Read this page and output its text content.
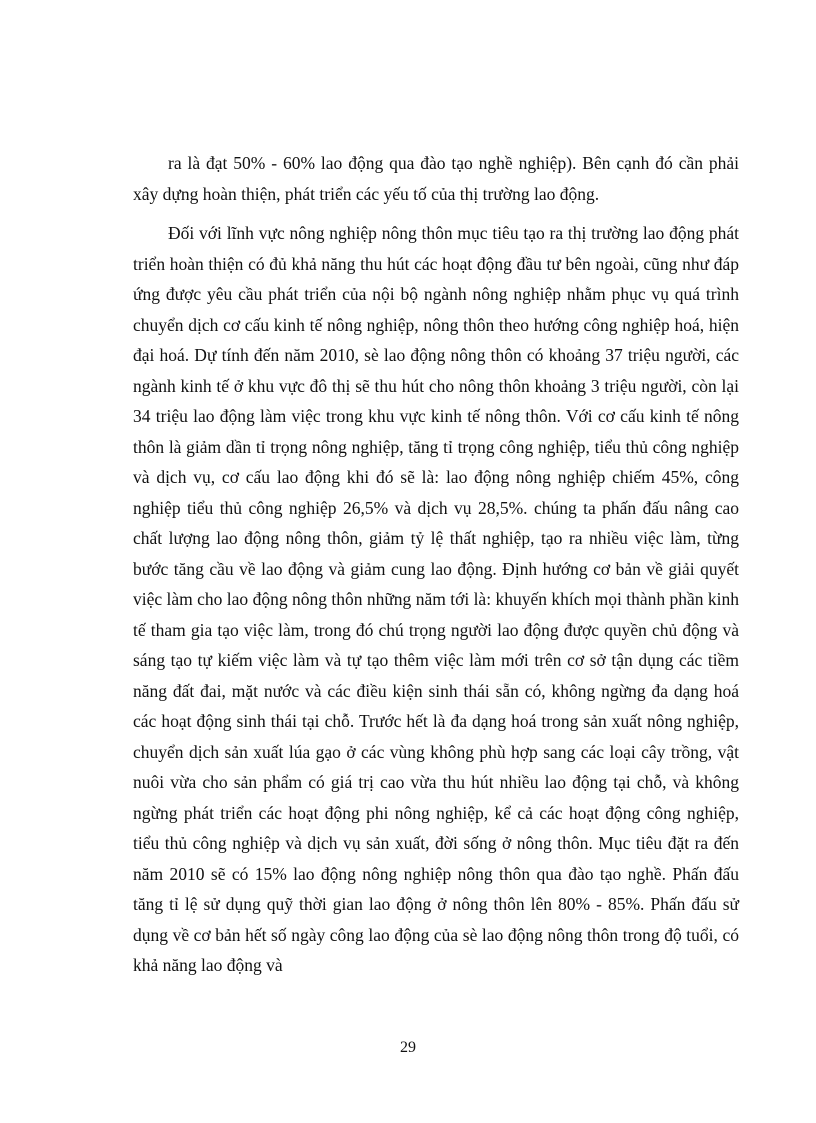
ra là đạt 50% - 60% lao động qua đào tạo nghề nghiệp). Bên cạnh đó cần phải xây dựng hoàn thiện, phát triển các yếu tố của thị trường lao động.

Đối với lĩnh vực nông nghiệp nông thôn mục tiêu tạo ra thị trường lao động phát triển hoàn thiện có đủ khả năng thu hút các hoạt động đầu tư bên ngoài, cũng như đáp ứng được yêu cầu phát triển của nội bộ ngành nông nghiệp nhằm phục vụ quá trình chuyển dịch cơ cấu kinh tế nông nghiệp, nông thôn theo hướng công nghiệp hoá, hiện đại hoá. Dự tính đến năm 2010, sè lao động nông thôn có khoảng 37 triệu người, các ngành kinh tế ở khu vực đô thị sẽ thu hút cho nông thôn khoảng 3 triệu người, còn lại 34 triệu lao động làm việc trong khu vực kinh tế nông thôn. Với cơ cấu kinh tế nông thôn là giảm dần tỉ trọng nông nghiệp, tăng tỉ trọng công nghiệp, tiểu thủ công nghiệp và dịch vụ, cơ cấu lao động khi đó sẽ là: lao động nông nghiệp chiếm 45%, công nghiệp tiểu thủ công nghiệp 26,5% và dịch vụ 28,5%. chúng ta phấn đấu nâng cao chất lượng lao động nông thôn, giảm tỷ lệ thất nghiệp, tạo ra nhiều việc làm, từng bước tăng cầu về lao động và giảm cung lao động. Định hướng cơ bản về giải quyết việc làm cho lao động nông thôn những năm tới là: khuyến khích mọi thành phần kinh tế tham gia tạo việc làm, trong đó chú trọng người lao động được quyền chủ động và sáng tạo tự kiếm việc làm và tự tạo thêm việc làm mới trên cơ sở tận dụng các tiềm năng đất đai, mặt nước và các điều kiện sinh thái sẵn có, không ngừng đa dạng hoá các hoạt động sinh thái tại chỗ. Trước hết là đa dạng hoá trong sản xuất nông nghiệp, chuyển dịch sản xuất lúa gạo ở các vùng không phù hợp sang các loại cây trồng, vật nuôi vừa cho sản phẩm có giá trị cao vừa thu hút nhiều lao động tại chỗ, và không ngừng phát triển các hoạt động phi nông nghiệp, kể cả các hoạt động công nghiệp, tiểu thủ công nghiệp và dịch vụ sản xuất, đời sống ở nông thôn. Mục tiêu đặt ra đến năm 2010 sẽ có 15% lao động nông nghiệp nông thôn qua đào tạo nghề. Phấn đấu tăng tỉ lệ sử dụng quỹ thời gian lao động ở nông thôn lên 80% - 85%. Phấn đấu sử dụng về cơ bản hết số ngày công lao động của sè lao động nông thôn trong độ tuổi, có khả năng lao động và

29
